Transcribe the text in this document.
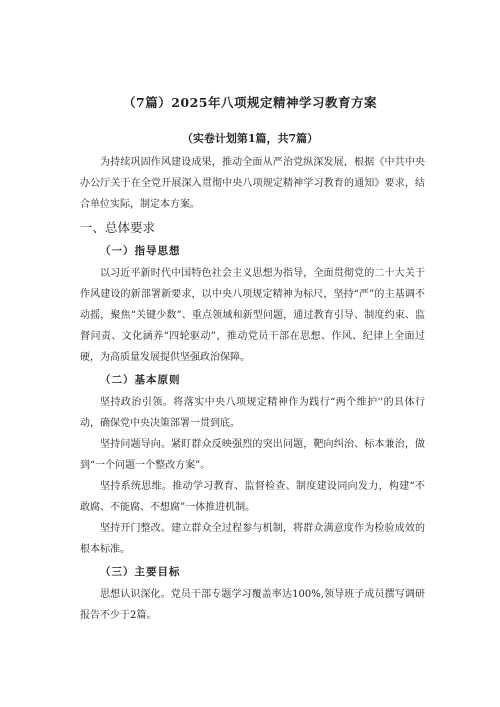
（7篇）2025年八项规定精神学习教育方案
（实卷计划第1篇，共7篇）

为持续巩固作风建设成果，推动全面从严治党纵深发展，根据《中共中央办公厅关于在全党开展深入贯彻中央八项规定精神学习教育的通知》要求，结合单位实际，制定本方案。

一、总体要求
（一）指导思想

以习近平新时代中国特色社会主义思想为指导，全面贯彻党的二十大关于作风建设的新部署新要求，以中央八项规定精神为标尺，坚持“严”的主基调不动摇，聚焦“关键少数”、重点领域和新型问题，通过教育引导、制度约束、监督问责、文化涵养“四轮驱动”，推动党员干部在思想、作风、纪律上全面过硬，为高质量发展提供坚强政治保障。

（二）基本原则

坚持政治引领。将落实中央八项规定精神作为践行“两个维护''的具体行动，确保党中央决策部署一贯到底。

坚持问题导向。紧盯群众反映强烈的突出问题，靶向纠治、标本兼治，做到“一个问题一个整改方案”。

坚持系统思维。推动学习教育、监督检查、制度建设同向发力，构建“不敢腐、不能腐、不想腐”一体推进机制。

坚持开门整改。建立群众全过程参与机制，将群众满意度作为检验成效的根本标准。

（三）主要目标

思想认识深化。党员干部专题学习覆盖率达100%,领导班子成员撰写调研报告不少于2篇。
